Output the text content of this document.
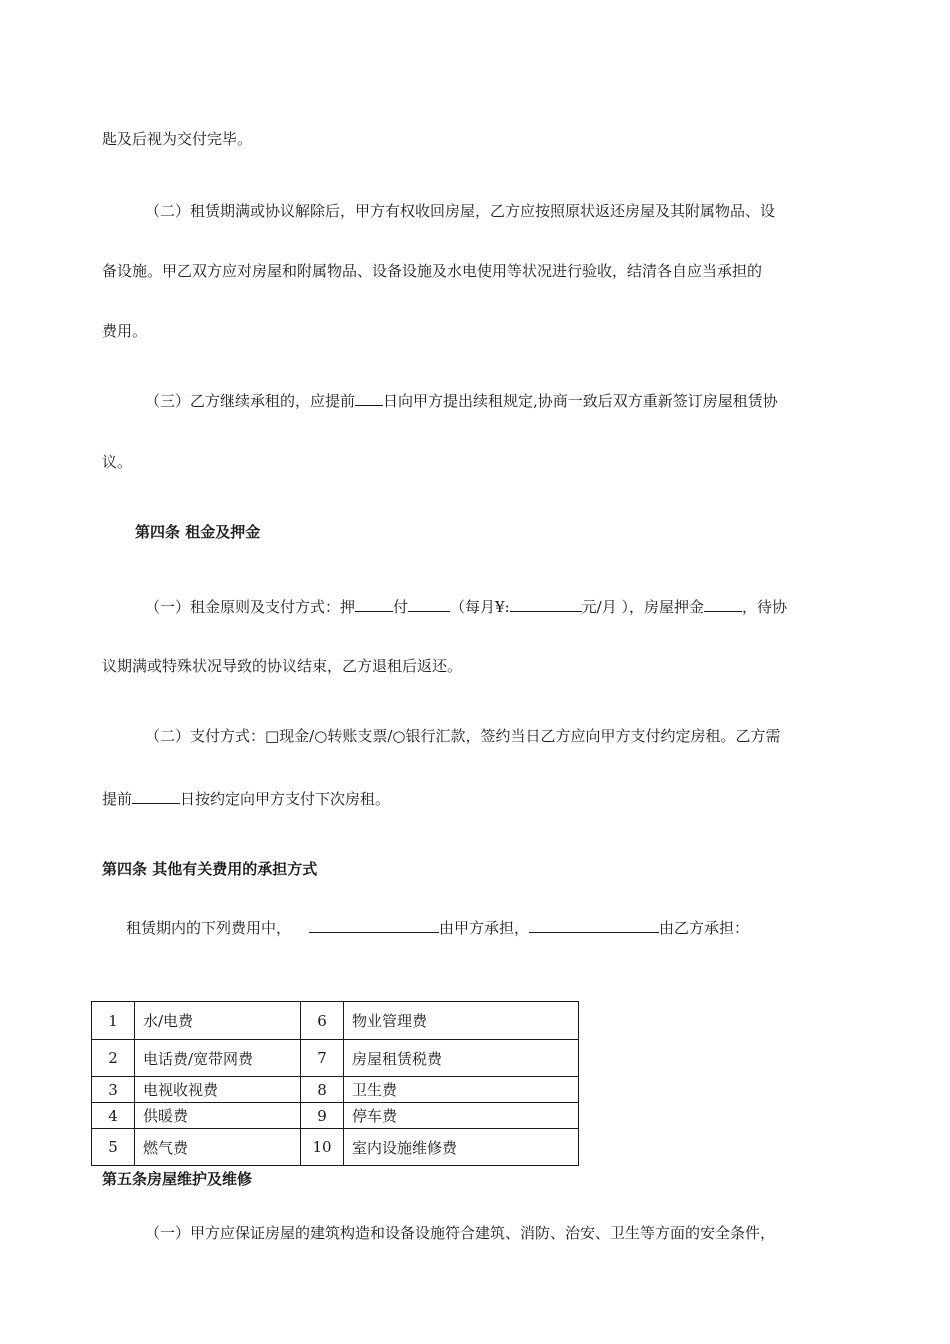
匙及后视为交付完毕。
（二）租赁期满或协议解除后，甲方有权收回房屋，乙方应按照原状返还房屋及其附属物品、设
备设施。甲乙双方应对房屋和附属物品、设备设施及水电使用等状况进行验收，结清各自应当承担的
费用。
（三）乙方继续承租的，应提前 日向甲方提出续租规定,协商一致后双方重新签订房屋租赁协
议。
第四条 租金及押金
（一）租金原则及支付方式：押	付	（每月¥:	元/月 ），房屋押金	，待协
议期满或特殊状况导致的协议结束，乙方退租后返还。
（二）支付方式：□现金/○转账支票/○银行汇款，签约当日乙方应向甲方支付约定房租。乙方需
提前	日按约定向甲方支付下次房租。
第四条 其他有关费用的承担方式
租赁期内的下列费用中，	由甲方承担，	由乙方承担：
1	水/电费	6	物业管理费
2	电话费/宽带网费	7	房屋租赁税费
3	电视收视费	8	卫生费
4	供暖费	9	停车费
5	燃气费	10	室内设施维修费
第五条房屋维护及维修
（一）甲方应保证房屋的建筑构造和设备设施符合建筑、消防、治安、卫生等方面的安全条件，
